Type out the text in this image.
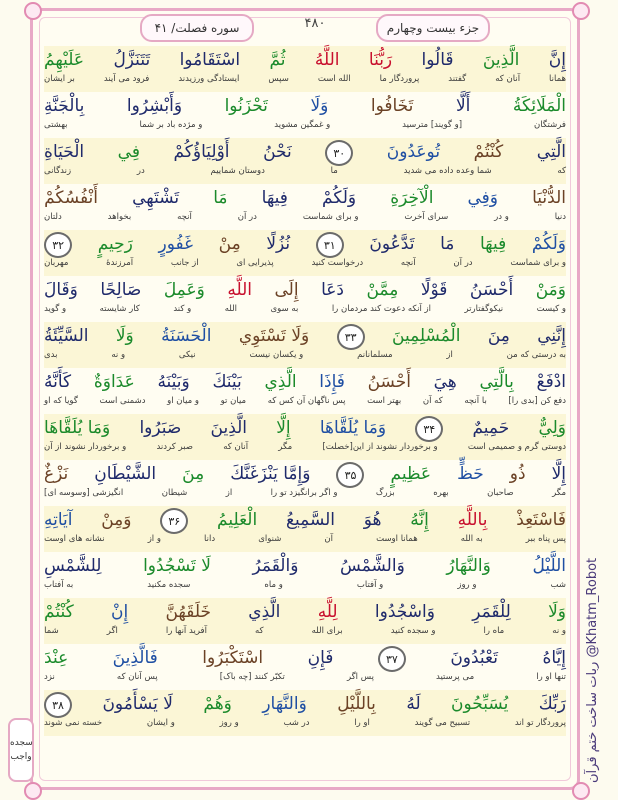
سوره فصلت/ ۴۱	۴۸۰	جزء بیست وچهارم
ربات ساخت ختم قرآن @Khatm_Robot
سجده واجب
إِنَّ
الَّذِينَ
قَالُوا
رَبُّنَا
اللَّهُ
ثُمَّ
اسْتَقَامُوا
تَتَنَزَّلُ
عَلَيْهِمُ
همانا
آنان که
گفتند
پروردگار ما
الله است
سپس
ایستادگی ورزیدند
فرود می آیند
بر ایشان
الْمَلَائِكَةُ
أَلَّا
تَخَافُوا
وَلَا
تَحْزَنُوا
وَأَبْشِرُوا
بِالْجَنَّةِ
فرشتگان
[و گویند] مترسید
و غمگین مشوید
و مژده باد بر شما
بهشتی
الَّتِي
كُنْتُمْ
تُوعَدُونَ
۳۰
نَحْنُ
أَوْلِيَاؤُكُمْ
فِي
الْحَيَاةِ
که
شما وعده داده می شدید
ما
دوستان شماییم
در
زندگانی
الدُّنْيَا
وَفِي
الْآخِرَةِ
وَلَكُمْ
فِيهَا
مَا
تَشْتَهِي
أَنْفُسُكُمْ
دنیا
و در
سرای آخرت
و برای شماست
در آن
آنچه
بخواهد
دلتان
وَلَكُمْ
فِيهَا
مَا
تَدَّعُونَ
۳۱
نُزُلًا
مِنْ
غَفُورٍ
رَحِيمٍ
۳۲
و برای شماست
در آن
آنچه
درخواست کنید
پذیرایی ای
از جانب
آمرزندهٔ
مهربان
وَمَنْ
أَحْسَنُ
قَوْلًا
مِمَّنْ
دَعَا
إِلَى
اللَّهِ
وَعَمِلَ
صَالِحًا
وَقَالَ
و کیست
نیکوگفتارتر
از آنکه دعوت کند مردمان را
به سوی
الله
و کند
کار شایسته
و گوید
إِنَّنِي
مِنَ
الْمُسْلِمِينَ
۳۳
وَلَا تَسْتَوِي
الْحَسَنَةُ
وَلَا
السَّيِّئَةُ
به درستی که من
از
مسلمانانم
و یکسان نیست
نیکی
و نه
بدی
ادْفَعْ
بِالَّتِي
هِيَ
أَحْسَنُ
فَإِذَا
الَّذِي
بَيْنَكَ
وَبَيْنَهُ
عَدَاوَةٌ
كَأَنَّهُ
دفع کن [بدی را]
با آنچه
که آن
بهتر است
پس ناگهان آن کس که
میان تو
و میان او
دشمنی است
گویا که او
وَلِيٌّ
حَمِيمٌ
۳۴
وَمَا يُلَقَّاهَا
إِلَّا
الَّذِينَ
صَبَرُوا
وَمَا يُلَقَّاهَا
دوستی گرم و صمیمی است
و برخوردار نشوند از این[خصلت]
مگر
آنان که
صبر کردند
و برخوردار نشوند از آن
إِلَّا
ذُو
حَظٍّ
عَظِيمٍ
۳۵
وَإِمَّا يَنْزَغَنَّكَ
مِنَ
الشَّيْطَانِ
نَزْغٌ
مگر
صاحبان
بهره
بزرگ
و اگر برانگیزد تو را
از
شیطان
انگیزشی [وسوسه ای]
فَاسْتَعِذْ
بِاللَّهِ
إِنَّهُ
هُوَ
السَّمِيعُ
الْعَلِيمُ
۳۶
وَمِنْ
آيَاتِهِ
پس پناه ببر
به الله
همانا اوست
آن
شنوای
دانا
و از
نشانه های اوست
اللَّيْلُ
وَالنَّهَارُ
وَالشَّمْسُ
وَالْقَمَرُ
لَا تَسْجُدُوا
لِلشَّمْسِ
شب
و روز
و آفتاب
و ماه
سجده مکنید
به آفتاب
وَلَا
لِلْقَمَرِ
وَاسْجُدُوا
لِلَّهِ
الَّذِي
خَلَقَهُنَّ
إِنْ
كُنْتُمْ
و نه
ماه را
و سجده کنید
برای الله
که
آفرید آنها را
اگر
شما
إِيَّاهُ
تَعْبُدُونَ
۳۷
فَإِنِ
اسْتَكْبَرُوا
فَالَّذِينَ
عِنْدَ
تنها او را
می پرستید
پس اگر
تکبّر کنند [چه باک]
پس آنان که
نزد
رَبِّكَ
يُسَبِّحُونَ
لَهُ
بِاللَّيْلِ
وَالنَّهَارِ
وَهُمْ
لَا يَسْأَمُونَ
۳۸
پروردگار تو اند
تسبیح می گویند
او را
در شب
و روز
و ایشان
خسته نمی شوند
